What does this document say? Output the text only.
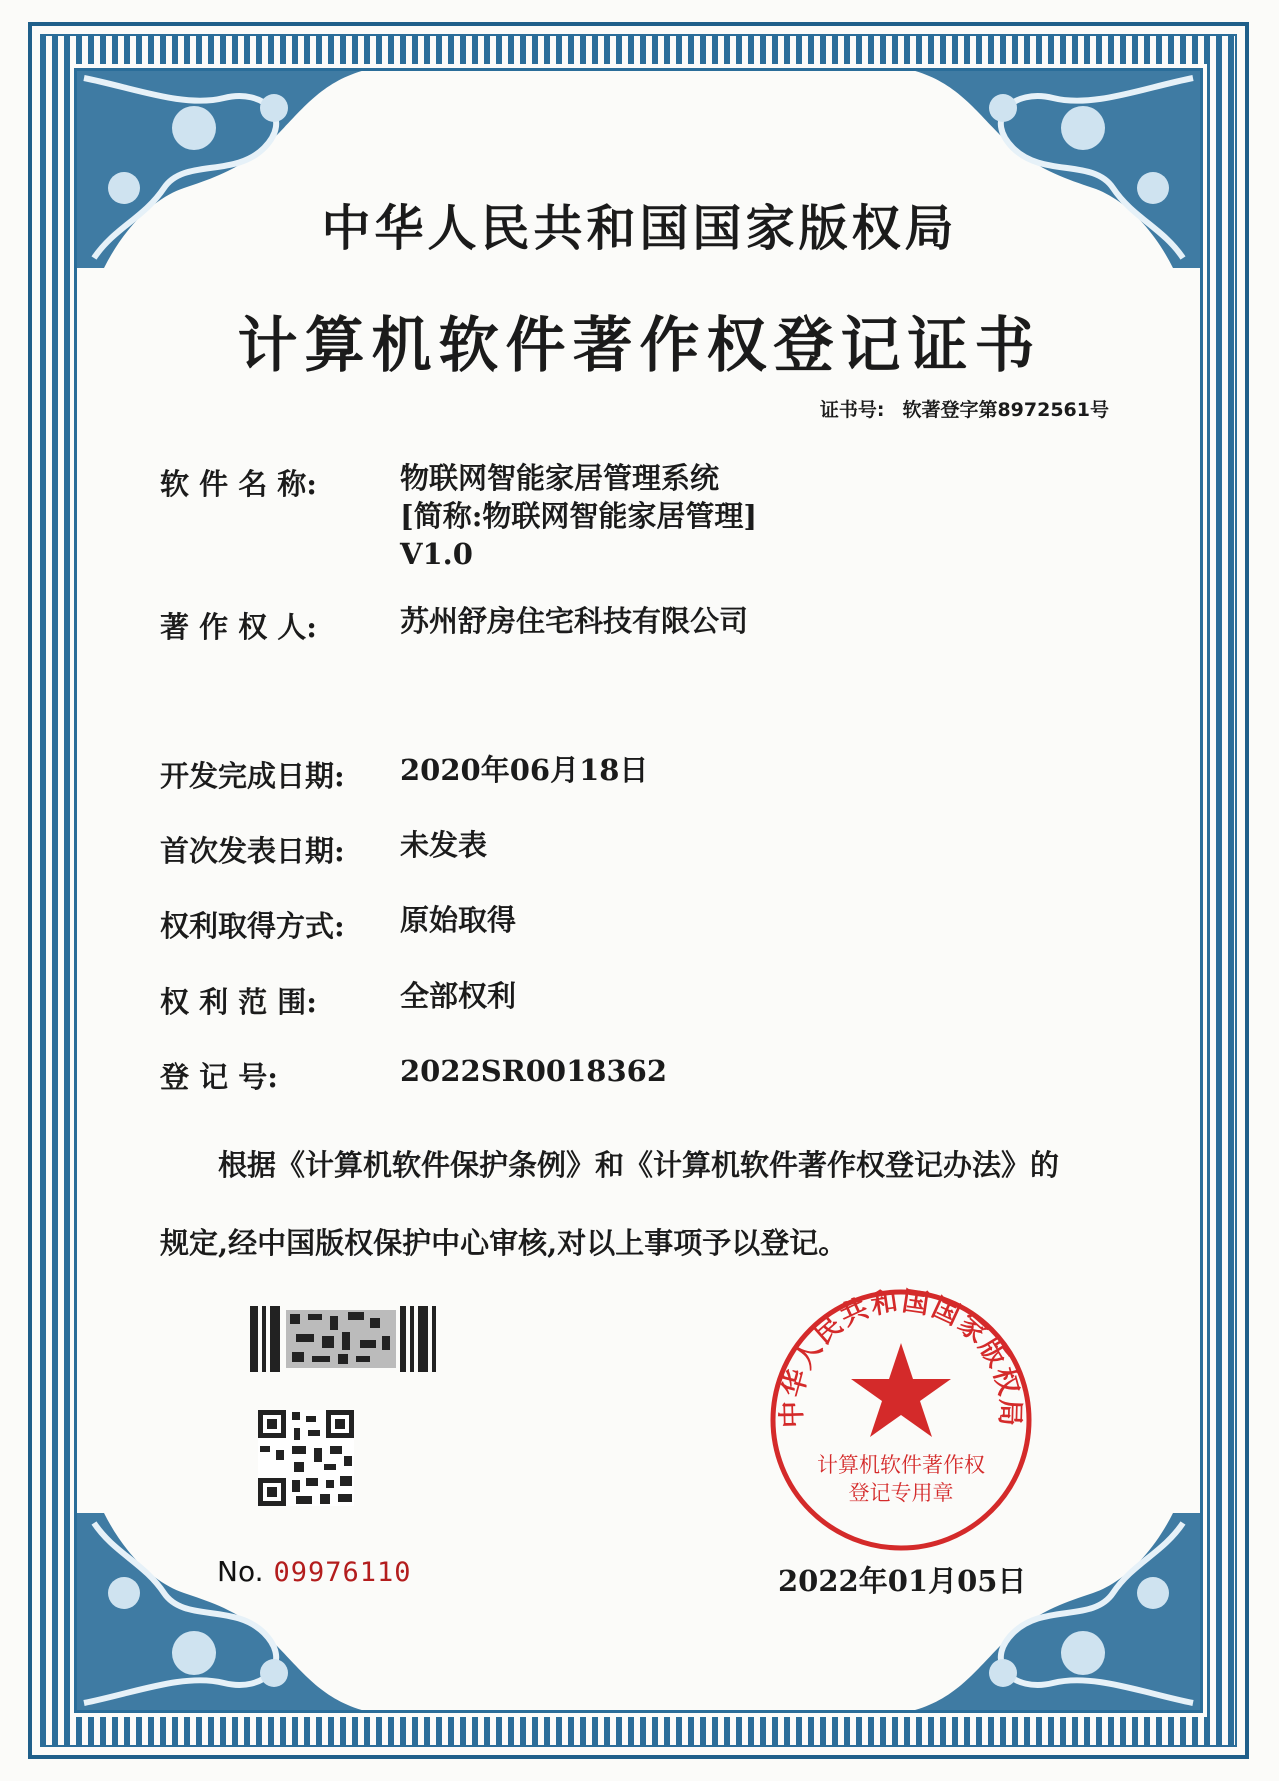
中华人民共和国国家版权局
计算机软件著作权登记证书
证书号: 软著登字第8972561号
软 件 名 称:	物联网智能家居管理系统
[简称:物联网智能家居管理]
V1.0
著 作 权 人:	苏州舒房住宅科技有限公司
开发完成日期:	2020年06月18日
首次发表日期:	未发表
权利取得方式:	原始取得
权 利 范 围:	全部权利
登 记 号:	2022SR0018362
根据《计算机软件保护条例》和《计算机软件著作权登记办法》的
规定,经中国版权保护中心审核,对以上事项予以登记。
No. 09976110
中华人民共和国国家版权局
计算机软件著作权
登记专用章
2022年01月05日
